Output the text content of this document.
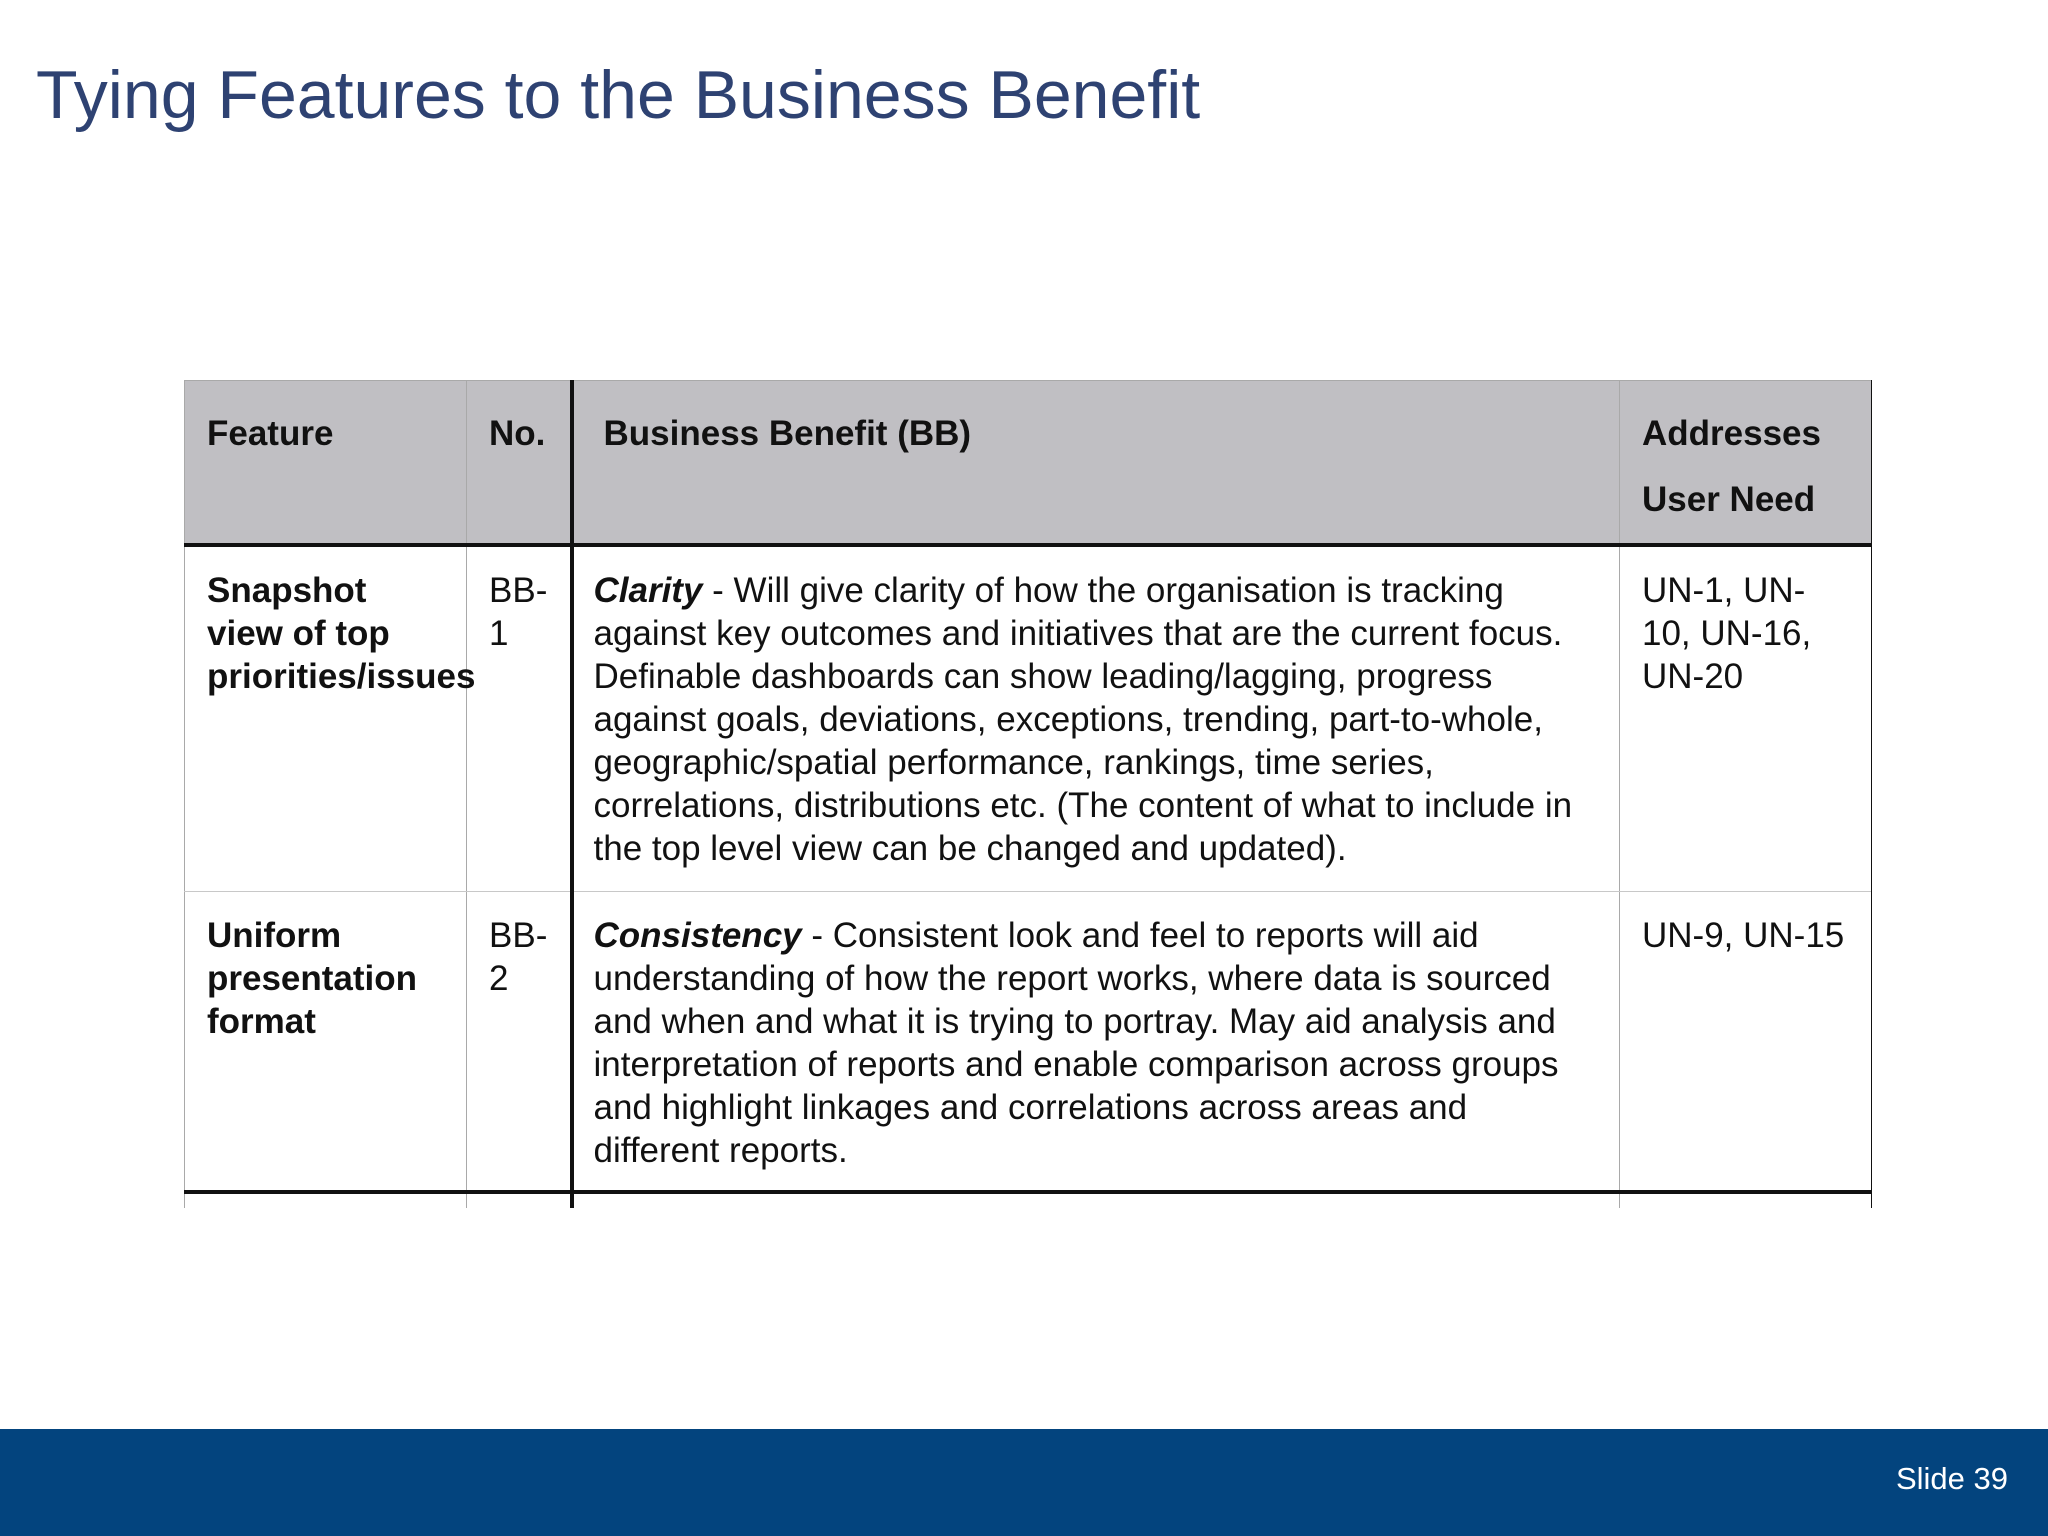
Tying Features to the Business Benefit
Feature	No.	Business Benefit (BB)	Addresses User Need
Snapshot view of top priorities/issues	BB-1	Clarity - Will give clarity of how the organisation is tracking against key outcomes and initiatives that are the current focus. Definable dashboards can show leading/lagging, progress against goals, deviations, exceptions, trending, part-to-whole, geographic/spatial performance, rankings, time series, correlations, distributions etc. (The content of what to include in the top level view can be changed and updated).	UN-1, UN-10, UN-16, UN-20
Uniform presentation format	BB-2	Consistency - Consistent look and feel to reports will aid understanding of how the report works, where data is sourced and when and what it is trying to portray. May aid analysis and interpretation of reports and enable comparison across groups and highlight linkages and correlations across areas and different reports.	UN-9, UN-15

Slide 39
